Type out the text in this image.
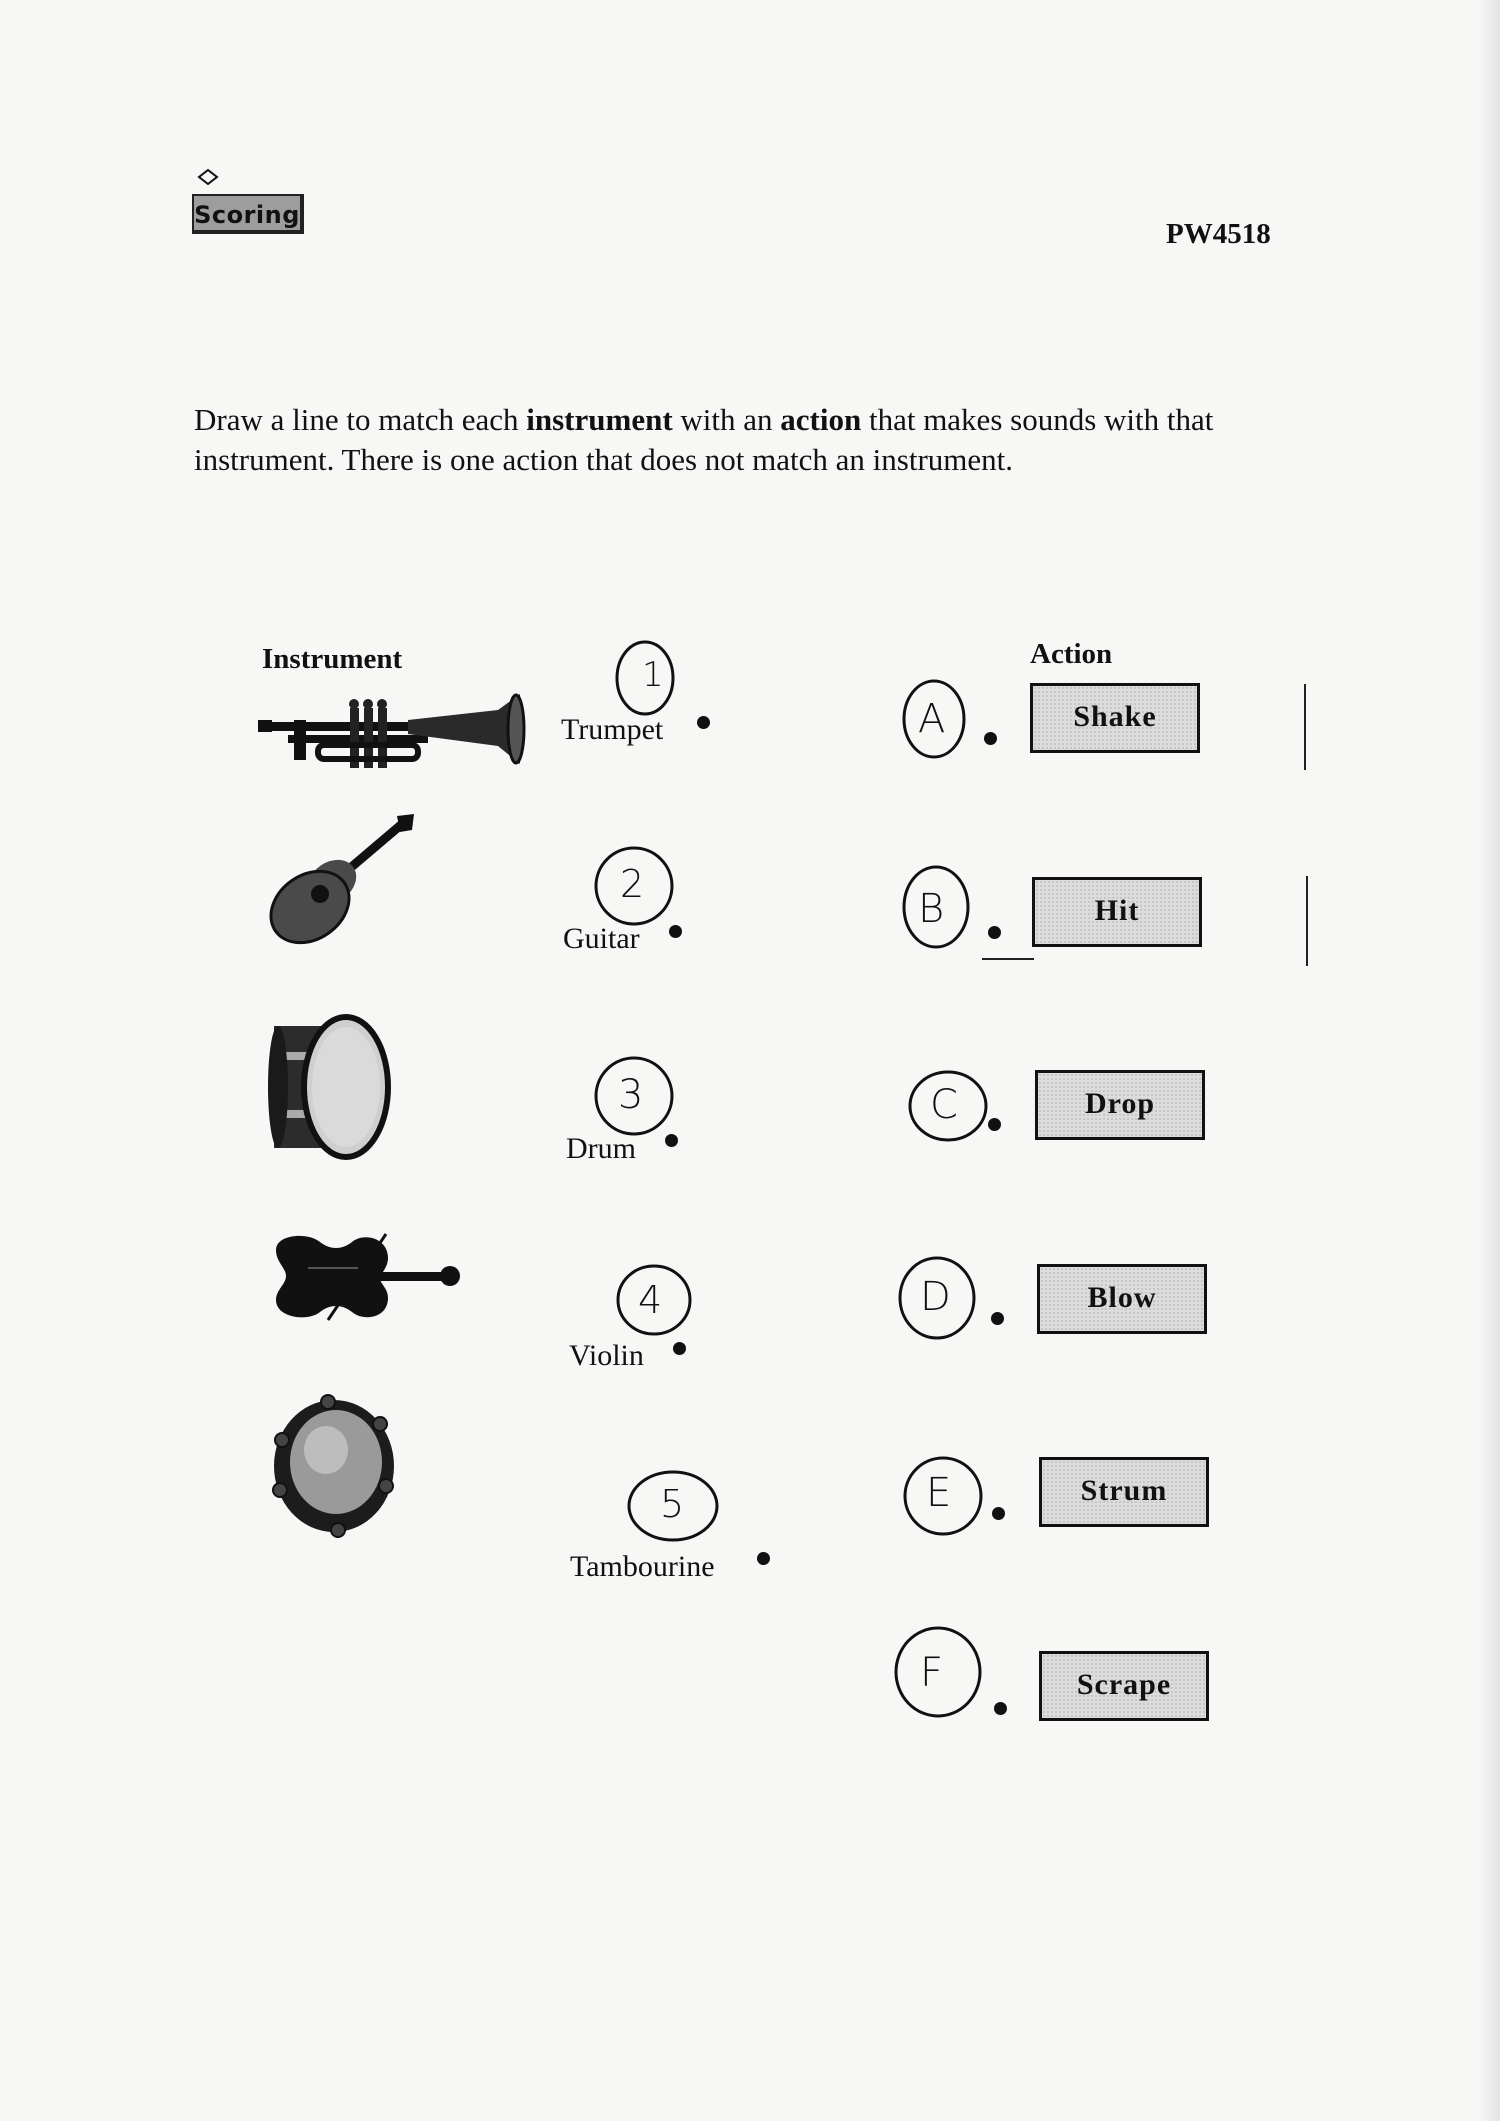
Scoring
PW4518
Draw a line to match each instrument with an action that makes sounds with that instrument. There is one action that does not match an instrument.
Instrument	Action
1
Trumpet
2
Guitar
3
Drum
4
Violin
5
Tambourine
A	Shake
B	Hit
C	Drop
D	Blow
E	Strum
F	Scrape
